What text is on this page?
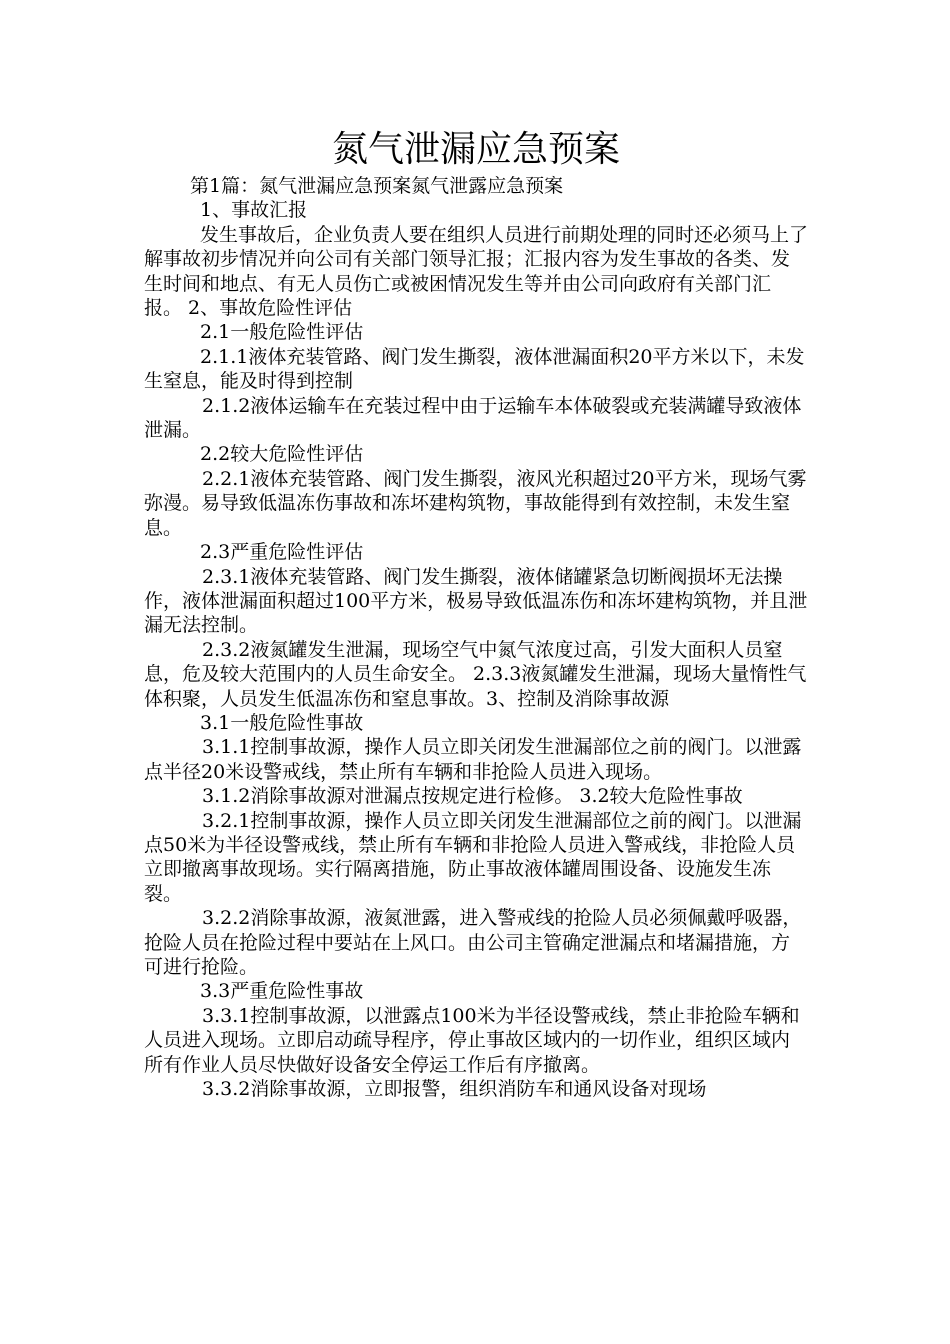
氮气泄漏应急预案

第1篇：氮气泄漏应急预案氮气泄露应急预案

1、事故汇报

发生事故后，企业负责人要在组织人员进行前期处理的同时还必须马上了解事故初步情况并向公司有关部门领导汇报；汇报内容为发生事故的各类、发生时间和地点、有无人员伤亡或被困情况发生等并由公司向政府有关部门汇报。 2、事故危险性评估

2.1一般危险性评估

2.1.1液体充装管路、阀门发生撕裂，液体泄漏面积20平方米以下，未发生窒息，能及时得到控制

2.1.2液体运输车在充装过程中由于运输车本体破裂或充装满罐导致液体泄漏。

2.2较大危险性评估

2.2.1液体充装管路、阀门发生撕裂，液风光积超过20平方米，现场气雾弥漫。易导致低温冻伤事故和冻坏建构筑物，事故能得到有效控制，未发生窒息。

2.3严重危险性评估

2.3.1液体充装管路、阀门发生撕裂，液体储罐紧急切断阀损坏无法操作，液体泄漏面积超过100平方米，极易导致低温冻伤和冻坏建构筑物，并且泄漏无法控制。

2.3.2液氮罐发生泄漏，现场空气中氮气浓度过高，引发大面积人员窒息，危及较大范围内的人员生命安全。 2.3.3液氮罐发生泄漏，现场大量惰性气体积聚，人员发生低温冻伤和窒息事故。3、控制及消除事故源

3.1一般危险性事故

3.1.1控制事故源，操作人员立即关闭发生泄漏部位之前的阀门。以泄露点半径20米设警戒线，禁止所有车辆和非抢险人员进入现场。

3.1.2消除事故源对泄漏点按规定进行检修。 3.2较大危险性事故

3.2.1控制事故源，操作人员立即关闭发生泄漏部位之前的阀门。以泄漏点50米为半径设警戒线，禁止所有车辆和非抢险人员进入警戒线，非抢险人员立即撤离事故现场。实行隔离措施，防止事故液体罐周围设备、设施发生冻裂。

3.2.2消除事故源，液氮泄露，进入警戒线的抢险人员必须佩戴呼吸器，抢险人员在抢险过程中要站在上风口。由公司主管确定泄漏点和堵漏措施，方可进行抢险。

3.3严重危险性事故

3.3.1控制事故源，以泄露点100米为半径设警戒线，禁止非抢险车辆和人员进入现场。立即启动疏导程序，停止事故区域内的一切作业，组织区域内所有作业人员尽快做好设备安全停运工作后有序撤离。

3.3.2消除事故源，立即报警，组织消防车和通风设备对现场
